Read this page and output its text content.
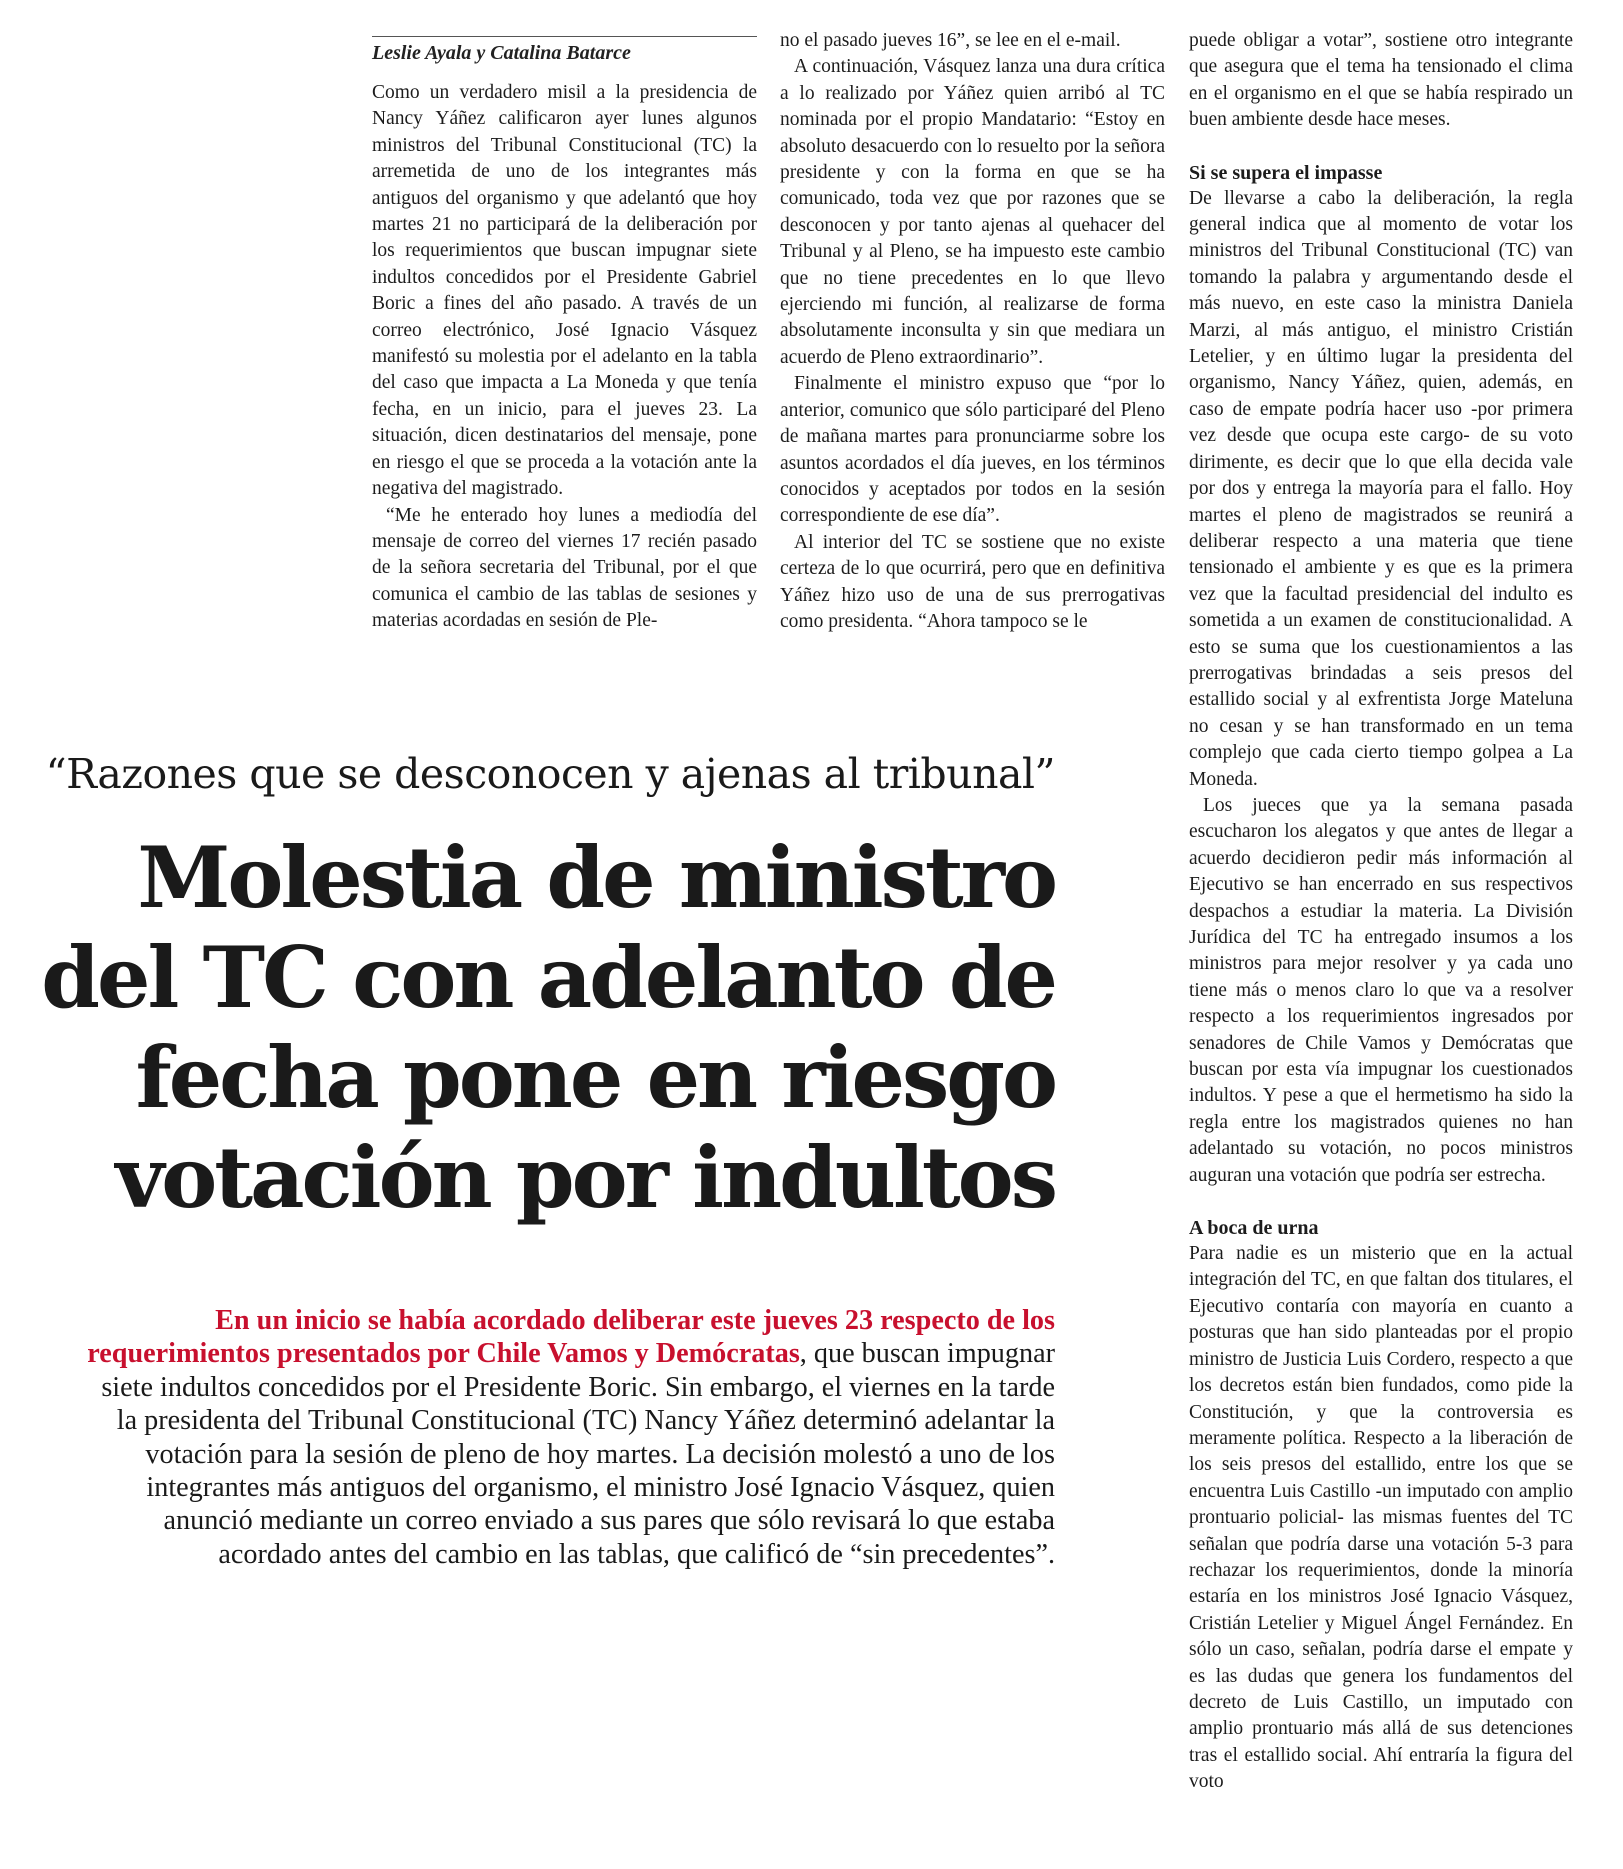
Leslie Ayala y Catalina Batarce

Como un verdadero misil a la presidencia de Nancy Yáñez calificaron ayer lunes algunos ministros del Tribunal Constitucional (TC) la arremetida de uno de los integrantes más antiguos del organismo y que adelantó que hoy martes 21 no participará de la deliberación por los requerimientos que buscan impugnar siete indultos concedidos por el Presidente Gabriel Boric a fines del año pasado. A través de un correo electrónico, José Ignacio Vásquez manifestó su molestia por el adelanto en la tabla del caso que impacta a La Moneda y que tenía fecha, en un inicio, para el jueves 23. La situación, dicen destinatarios del mensaje, pone en riesgo el que se proceda a la votación ante la negativa del magistrado.

“Me he enterado hoy lunes a mediodía del mensaje de correo del viernes 17 recién pasado de la señora secretaria del Tribunal, por el que comunica el cambio de las tablas de sesiones y materias acordadas en sesión de Ple-

no el pasado jueves 16”, se lee en el e-mail.

A continuación, Vásquez lanza una dura crítica a lo realizado por Yáñez quien arribó al TC nominada por el propio Mandatario: “Estoy en absoluto desacuerdo con lo resuelto por la señora presidente y con la forma en que se ha comunicado, toda vez que por razones que se desconocen y por tanto ajenas al quehacer del Tribunal y al Pleno, se ha impuesto este cambio que no tiene precedentes en lo que llevo ejerciendo mi función, al realizarse de forma absolutamente inconsulta y sin que mediara un acuerdo de Pleno extraordinario”.

Finalmente el ministro expuso que “por lo anterior, comunico que sólo participaré del Pleno de mañana martes para pronunciarme sobre los asuntos acordados el día jueves, en los términos conocidos y aceptados por todos en la sesión correspondiente de ese día”.

Al interior del TC se sostiene que no existe certeza de lo que ocurrirá, pero que en definitiva Yáñez hizo uso de una de sus prerrogativas como presidenta. “Ahora tampoco se le

puede obligar a votar”, sostiene otro integrante que asegura que el tema ha tensionado el clima en el organismo en el que se había respirado un buen ambiente desde hace meses.

Si se supera el impasse

De llevarse a cabo la deliberación, la regla general indica que al momento de votar los ministros del Tribunal Constitucional (TC) van tomando la palabra y argumentando desde el más nuevo, en este caso la ministra Daniela Marzi, al más antiguo, el ministro Cristián Letelier, y en último lugar la presidenta del organismo, Nancy Yáñez, quien, además, en caso de empate podría hacer uso -por primera vez desde que ocupa este cargo- de su voto dirimente, es decir que lo que ella decida vale por dos y entrega la mayoría para el fallo. Hoy martes el pleno de magistrados se reunirá a deliberar respecto a una materia que tiene tensionado el ambiente y es que es la primera vez que la facultad presidencial del indulto es sometida a un examen de constitucionalidad. A esto se suma que los cuestionamientos a las prerrogativas brindadas a seis presos del estallido social y al exfrentista Jorge Mateluna no cesan y se han transformado en un tema complejo que cada cierto tiempo golpea a La Moneda.

Los jueces que ya la semana pasada escucharon los alegatos y que antes de llegar a acuerdo decidieron pedir más información al Ejecutivo se han encerrado en sus respectivos despachos a estudiar la materia. La División Jurídica del TC ha entregado insumos a los ministros para mejor resolver y ya cada uno tiene más o menos claro lo que va a resolver respecto a los requerimientos ingresados por senadores de Chile Vamos y Demócratas que buscan por esta vía impugnar los cuestionados indultos. Y pese a que el hermetismo ha sido la regla entre los magistrados quienes no han adelantado su votación, no pocos ministros auguran una votación que podría ser estrecha.

A boca de urna

Para nadie es un misterio que en la actual integración del TC, en que faltan dos titulares, el Ejecutivo contaría con mayoría en cuanto a posturas que han sido planteadas por el propio ministro de Justicia Luis Cordero, respecto a que los decretos están bien fundados, como pide la Constitución, y que la controversia es meramente política. Respecto a la liberación de los seis presos del estallido, entre los que se encuentra Luis Castillo -un imputado con amplio prontuario policial- las mismas fuentes del TC señalan que podría darse una votación 5-3 para rechazar los requerimientos, donde la minoría estaría en los ministros José Ignacio Vásquez, Cristián Letelier y Miguel Ángel Fernández. En sólo un caso, señalan, podría darse el empate y es las dudas que genera los fundamentos del decreto de Luis Castillo, un imputado con amplio prontuario más allá de sus detenciones tras el estallido social. Ahí entraría la figura del voto

“Razones que se desconocen y ajenas al tribunal”
Molestia de ministro
del TC con adelanto de
fecha pone en riesgo
votación por indultos

En un inicio se había acordado deliberar este jueves 23 respecto de los requerimientos presentados por Chile Vamos y Demócratas, que buscan impugnar siete indultos concedidos por el Presidente Boric. Sin embargo, el viernes en la tarde la presidenta del Tribunal Constitucional (TC) Nancy Yáñez determinó adelantar la votación para la sesión de pleno de hoy martes. La decisión molestó a uno de los integrantes más antiguos del organismo, el ministro José Ignacio Vásquez, quien anunció mediante un correo enviado a sus pares que sólo revisará lo que estaba acordado antes del cambio en las tablas, que calificó de “sin precedentes”.
